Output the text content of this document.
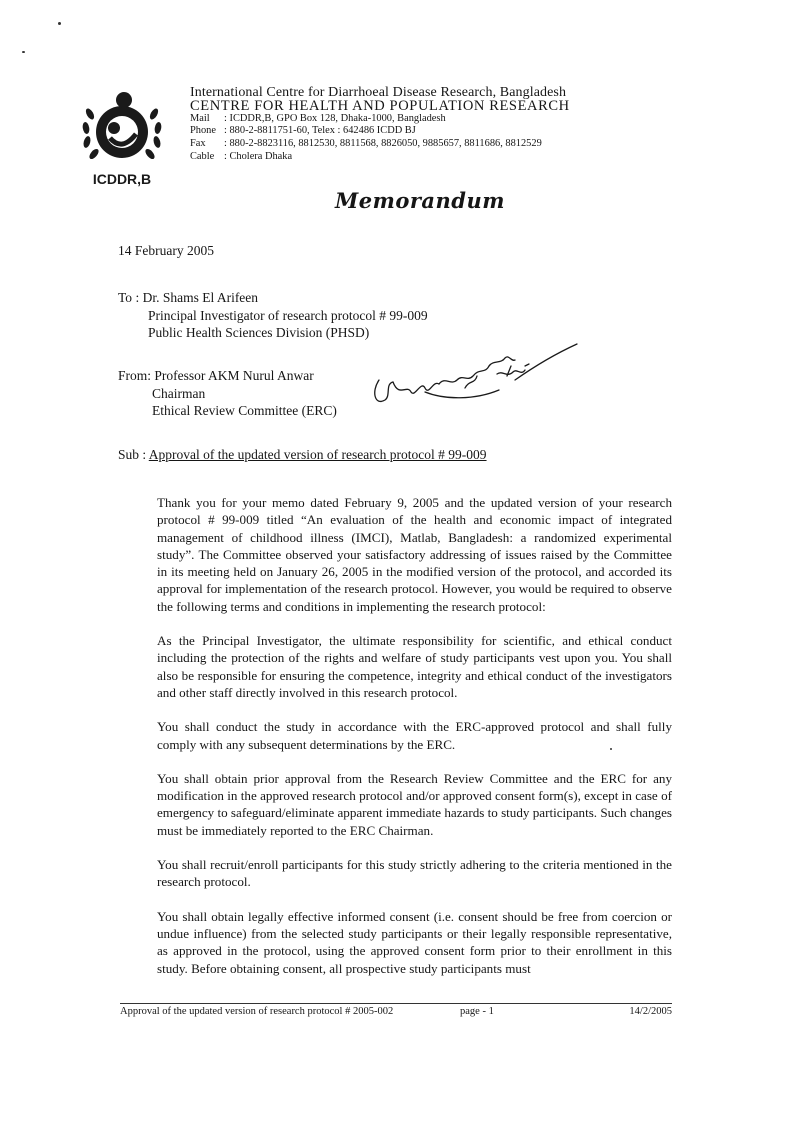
ICDDR,B
International Centre for Diarrhoeal Disease Research, Bangladesh
CENTRE FOR HEALTH AND POPULATION RESEARCH
Mail	: ICDDR,B, GPO Box 128, Dhaka-1000, Bangladesh
Phone : 880-2-8811751-60, Telex : 642486 ICDD BJ
Fax	: 880-2-8823116, 8812530, 8811568, 8826050, 9885657, 8811686, 8812529
Cable : Cholera Dhaka
Memorandum
14 February 2005
To : Dr. Shams El Arifeen
Principal Investigator of research protocol # 99-009
Public Health Sciences Division (PHSD)
From: Professor AKM Nurul Anwar
Chairman
Ethical Review Committee (ERC)
Sub : Approval of the updated version of research protocol # 99-009

Thank you for your memo dated February 9, 2005 and the updated version of your research protocol # 99-009 titled “An evaluation of the health and economic impact of integrated management of childhood illness (IMCI), Matlab, Bangladesh: a randomized experimental study”. The Committee observed your satisfactory addressing of issues raised by the Committee in its meeting held on January 26, 2005 in the modified version of the protocol, and accorded its approval for implementation of the research protocol. However, you would be required to observe the following terms and conditions in implementing the research protocol:

As the Principal Investigator, the ultimate responsibility for scientific, and ethical conduct including the protection of the rights and welfare of study participants vest upon you. You shall also be responsible for ensuring the competence, integrity and ethical conduct of the investigators and other staff directly involved in this research protocol.

You shall conduct the study in accordance with the ERC-approved protocol and shall fully comply with any subsequent determinations by the ERC.

You shall obtain prior approval from the Research Review Committee and the ERC for any modification in the approved research protocol and/or approved consent form(s), except in case of emergency to safeguard/eliminate apparent immediate hazards to study participants. Such changes must be immediately reported to the ERC Chairman.

You shall recruit/enroll participants for this study strictly adhering to the criteria mentioned in the research protocol.

You shall obtain legally effective informed consent (i.e. consent should be free from coercion or undue influence) from the selected study participants or their legally responsible representative, as approved in the protocol, using the approved consent form prior to their enrollment in this study. Before obtaining consent, all prospective study participants must

Approval of the updated version of research protocol # 2005-002	page - 1	14/2/2005
